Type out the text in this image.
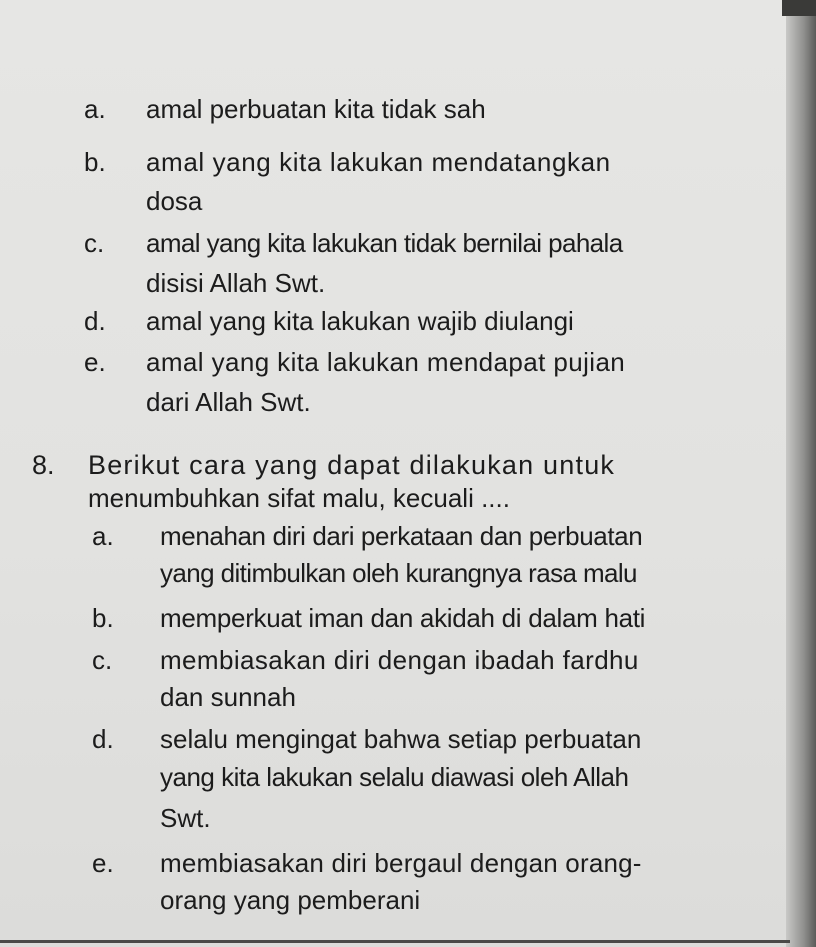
a. amal perbuatan kita tidak sah
b. amal yang kita lakukan mendatangkan
dosa
c. amal yang kita lakukan tidak bernilai pahala
disisi Allah Swt.
d. amal yang kita lakukan wajib diulangi
e. amal yang kita lakukan mendapat pujian
dari Allah Swt.
8. Berikut cara yang dapat dilakukan untuk
menumbuhkan sifat malu, kecuali ....
a. menahan diri dari perkataan dan perbuatan
yang ditimbulkan oleh kurangnya rasa malu
b. memperkuat iman dan akidah di dalam hati
c. membiasakan diri dengan ibadah fardhu
dan sunnah
d. selalu mengingat bahwa setiap perbuatan
yang kita lakukan selalu diawasi oleh Allah
Swt.
e. membiasakan diri bergaul dengan orang-
orang yang pemberani
